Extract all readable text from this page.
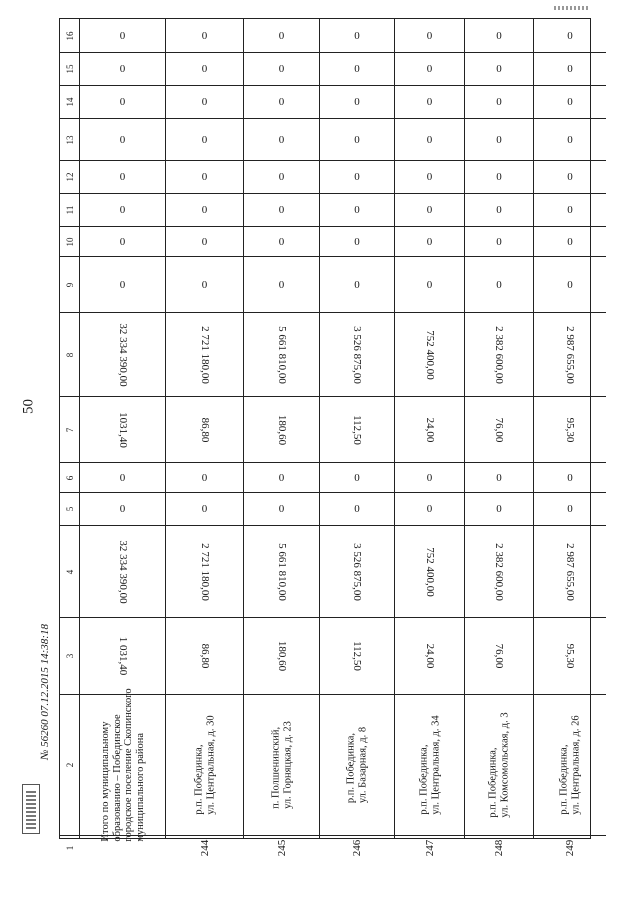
50
16
15
14
13
12
11
10
9
8
7
6
5
4
3
2
1
0
0
0
0
0
0
0
0
32 334 390,00
1031,40
0
0
32 334 390,00
1 031,40
Итого по муниципальному
образованию – Побединское
городское поселение Скопинского
муниципального района
0
0
0
0
0
0
0
0
2 721 180,00
86,80
0
0
2 721 180,00
86,80
р.п. Побединка,
ул. Центральная, д. 30
244
0
0
0
0
0
0
0
0
5 661 810,00
180,60
0
0
5 661 810,00
180,60
п. Полшенинский,
ул. Горняцкая, д. 23
245
0
0
0
0
0
0
0
0
3 526 875,00
112,50
0
0
3 526 875,00
112,50
р.п. Побединка,
ул. Базарная, д. 8
246
0
0
0
0
0
0
0
0
752 400,00
24,00
0
0
752 400,00
24,00
р.п. Побединка,
ул. Центральная, д. 34
247
0
0
0
0
0
0
0
0
2 382 600,00
76,00
0
0
2 382 600,00
76,00
р.п. Побединка,
ул. Комсомольская, д. 3
248
0
0
0
0
0
0
0
0
2 987 655,00
95,30
0
0
2 987 655,00
95,30
р.п. Побединка,
ул. Центральная, д. 26
249
№ 56260 07.12.2015 14:38:18
